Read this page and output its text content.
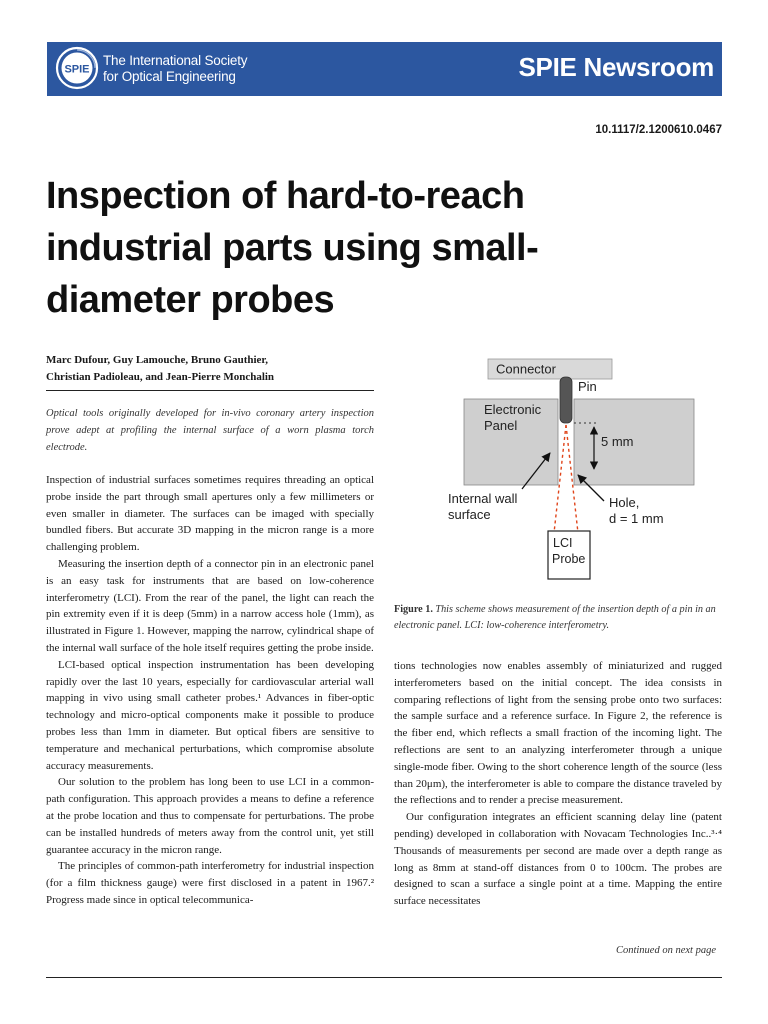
SPIE
The International Society
for Optical Engineering	SPIE Newsroom
10.1117/2.1200610.0467
Inspection of hard-to-reach industrial parts using small-diameter probes
Marc Dufour, Guy Lamouche, Bruno Gauthier,
Christian Padioleau, and Jean-Pierre Monchalin
Optical tools originally developed for in-vivo coronary artery inspection prove adept at profiling the internal surface of a worn plasma torch electrode.

Inspection of industrial surfaces sometimes requires threading an optical probe inside the part through small apertures only a few millimeters or even smaller in diameter. The surfaces can be imaged with specially bundled fibers. But accurate 3D mapping in the micron range is a more challenging problem.

Measuring the insertion depth of a connector pin in an electronic panel is an easy task for instruments that are based on low-coherence interferometry (LCI). From the rear of the panel, the light can reach the pin extremity even if it is deep (5mm) in a narrow access hole (1mm), as illustrated in Figure 1. However, mapping the narrow, cylindrical shape of the internal wall surface of the hole itself requires getting the probe inside.

LCI-based optical inspection instrumentation has been developing rapidly over the last 10 years, especially for cardiovascular arterial wall mapping in vivo using small catheter probes.¹ Advances in fiber-optic technology and micro-optical components make it possible to produce probes less than 1mm in diameter. But optical fibers are sensitive to temperature and mechanical perturbations, which compromise absolute accuracy measurements.

Our solution to the problem has long been to use LCI in a common-path configuration. This approach provides a means to define a reference at the probe location and thus to compensate for perturbations. The probe can be installed hundreds of meters away from the control unit, yet still guarantee accuracy in the micron range.

The principles of common-path interferometry for industrial inspection (for a film thickness gauge) were first disclosed in a patent in 1967.² Progress made since in optical telecommunica-

Connector
Pin
Electronic
Panel
5 mm
Internal wall
surface
Hole,
d = 1 mm
LCI
Probe
Figure 1. This scheme shows measurement of the insertion depth of a pin in an electronic panel. LCI: low-coherence interferometry.

tions technologies now enables assembly of miniaturized and rugged interferometers based on the initial concept. The idea consists in comparing reflections of light from the sensing probe onto two surfaces: the sample surface and a reference surface. In Figure 2, the reference is the fiber end, which reflects a small fraction of the incoming light. The reflections are sent to an analyzing interferometer through a unique single-mode fiber. Owing to the short coherence length of the source (less than 20μm), the interferometer is able to compare the distance traveled by the reflections and to render a precise measurement.

Our configuration integrates an efficient scanning delay line (patent pending) developed in collaboration with Novacam Technologies Inc..³·⁴ Thousands of measurements per second are made over a depth range as long as 8mm at stand-off distances from 0 to 100cm. The probes are designed to scan a surface a single point at a time. Mapping the entire surface necessitates

Continued on next page
